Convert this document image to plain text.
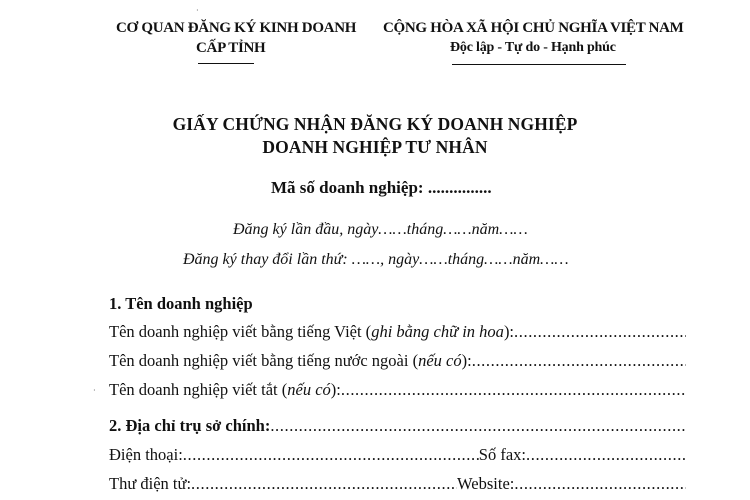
·
CƠ QUAN ĐĂNG KÝ KINH DOANH
CẤP TỈNH
CỘNG HÒA XÃ HỘI CHỦ NGHĨA VIỆT NAM
Độc lập - Tự do - Hạnh phúc
GIẤY CHỨNG NHẬN ĐĂNG KÝ DOANH NGHIỆP
DOANH NGHIỆP TƯ NHÂN
Mã số doanh nghiệp: ...............
Đăng ký lần đầu, ngày……tháng……năm……
Đăng ký thay đổi lần thứ: ……, ngày……tháng……năm……
1. Tên doanh nghiệp
Tên doanh nghiệp viết bằng tiếng Việt ( ghi bằng chữ in hoa ):
.....
Tên doanh nghiệp viết bằng tiếng nước ngoài ( nếu có ):
.....
Tên doanh nghiệp viết tắt ( nếu có ):
.....
·
2. Địa chỉ trụ sở chính:
.....
Điện thoại: .....	Số fax:
.....
Thư điện tử: .....	Website:
.....
